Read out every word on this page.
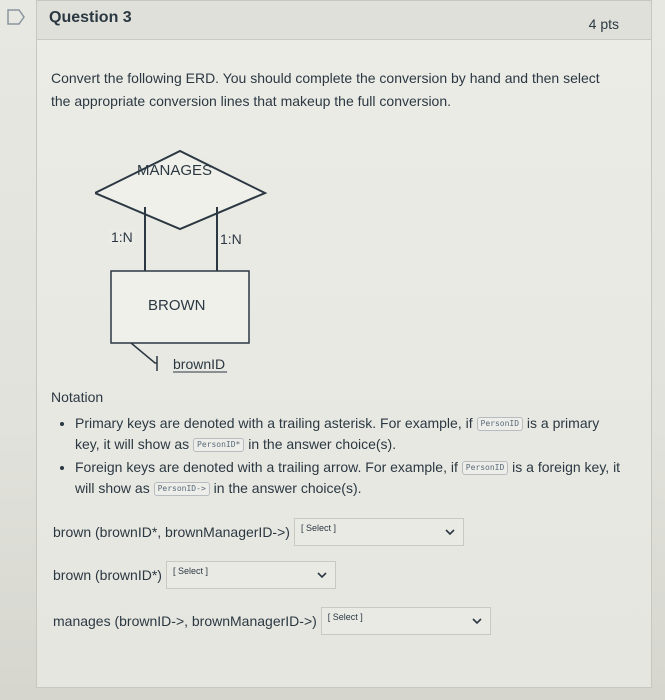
Question 3	4 pts
Convert the following ERD. You should complete the conversion by hand and then select the appropriate conversion lines that makeup the full conversion.
MANAGES
1:N	1:N
BROWN
brownID
Notation
• Primary keys are denoted with a trailing asterisk. For example, if PersonID is a primary key, it will show as PersonID* in the answer choice(s).
• Foreign keys are denoted with a trailing arrow. For example, if PersonID is a foreign key, it will show as PersonID-> in the answer choice(s).
brown (brownID*, brownManagerID->)	[ Select ]
brown (brownID*)	[ Select ]
manages (brownID->, brownManagerID->)	[ Select ]
